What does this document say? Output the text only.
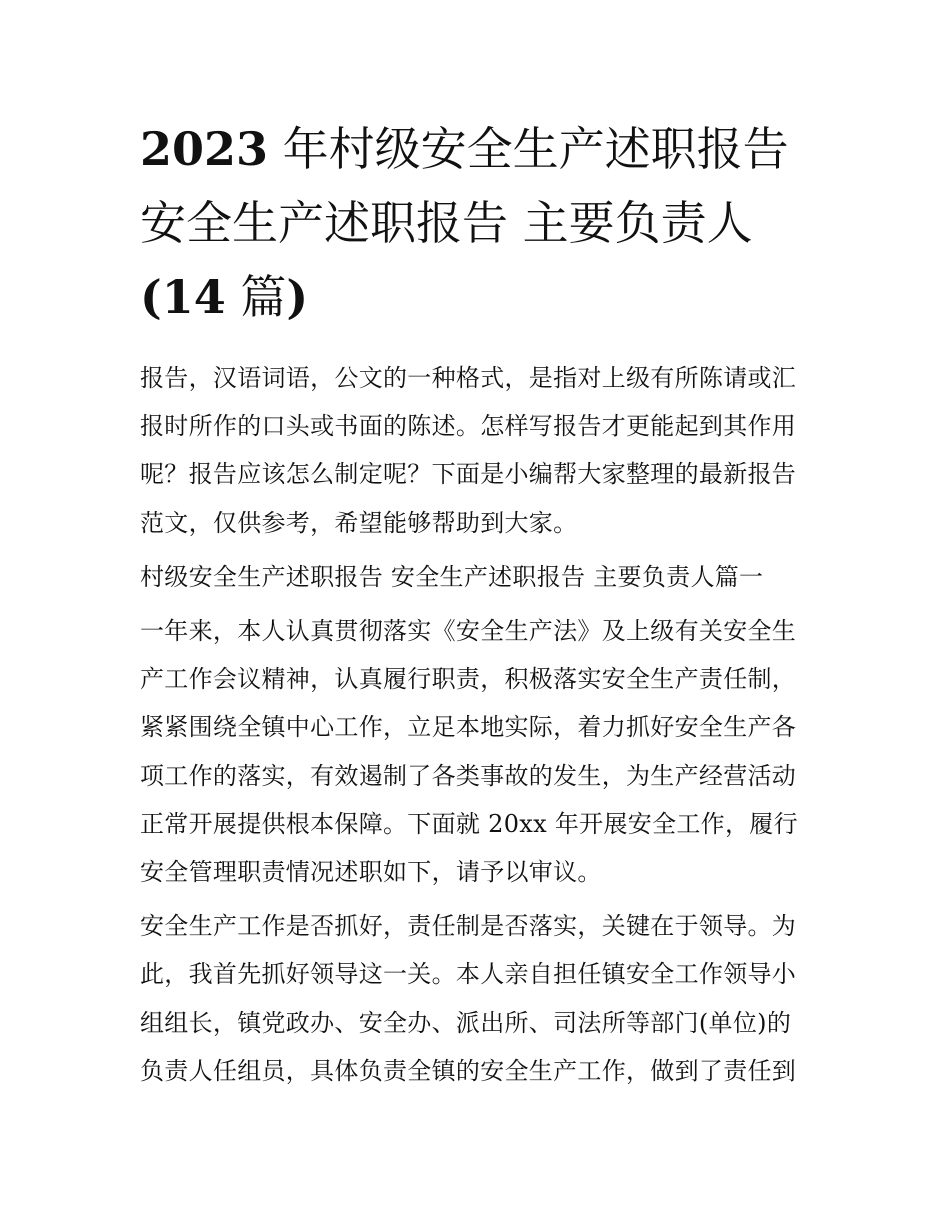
2023 年村级安全生产述职报告
安全生产述职报告 主要负责人
(14 篇)

报告，汉语词语，公文的一种格式，是指对上级有所陈请或汇报时所作的口头或书面的陈述。怎样写报告才更能起到其作用呢？报告应该怎么制定呢？下面是小编帮大家整理的最新报告范文，仅供参考，希望能够帮助到大家。

村级安全生产述职报告 安全生产述职报告 主要负责人篇一

一年来，本人认真贯彻落实《安全生产法》及上级有关安全生产工作会议精神，认真履行职责，积极落实安全生产责任制，紧紧围绕全镇中心工作，立足本地实际，着力抓好安全生产各项工作的落实，有效遏制了各类事故的发生，为生产经营活动正常开展提供根本保障。下面就 20xx 年开展安全工作，履行安全管理职责情况述职如下，请予以审议。

安全生产工作是否抓好，责任制是否落实，关键在于领导。为此，我首先抓好领导这一关。本人亲自担任镇安全工作领导小组组长，镇党政办、安全办、派出所、司法所等部门(单位)的负责人任组员，具体负责全镇的安全生产工作，做到了责任到
